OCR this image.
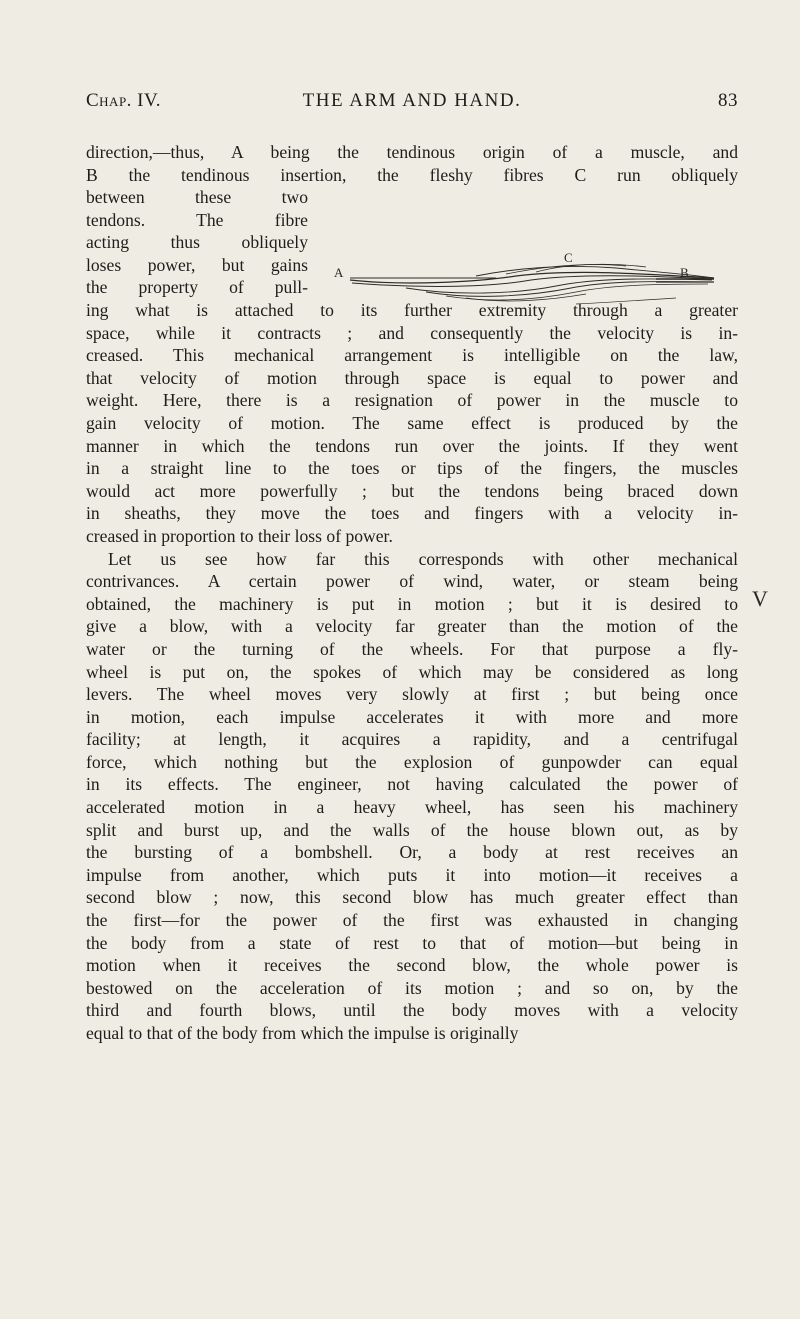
Chap. IV.	THE ARM AND HAND.	83
direction,—thus, A being the tendinous origin of a muscle, and
B the tendinous insertion, the fleshy fibres C run obliquely
between these two
tendons. The fibre
acting thus obliquely
loses power, but gains
the property of pull-
A	B
C
ing what is attached to its further extremity through a greater
space, while it contracts ; and consequently the velocity is in-
creased. This mechanical arrangement is intelligible on the law,
that velocity of motion through space is equal to power and
weight. Here, there is a resignation of power in the muscle to
gain velocity of motion. The same effect is produced by the
manner in which the tendons run over the joints. If they went
in a straight line to the toes or tips of the fingers, the muscles
would act more powerfully ; but the tendons being braced down
in sheaths, they move the toes and fingers with a velocity in-
creased in proportion to their loss of power.
Let us see how far this corresponds with other mechanical
contrivances. A certain power of wind, water, or steam being
obtained, the machinery is put in motion ; but it is desired to
give a blow, with a velocity far greater than the motion of the
water or the turning of the wheels. For that purpose a fly-
wheel is put on, the spokes of which may be considered as long
levers. The wheel moves very slowly at first ; but being once
in motion, each impulse accelerates it with more and more
facility; at length, it acquires a rapidity, and a centrifugal
force, which nothing but the explosion of gunpowder can equal
in its effects. The engineer, not having calculated the power of
accelerated motion in a heavy wheel, has seen his machinery
split and burst up, and the walls of the house blown out, as by
the bursting of a bombshell. Or, a body at rest receives an
impulse from another, which puts it into motion—it receives a
second blow ; now, this second blow has much greater effect than
the first—for the power of the first was exhausted in changing
the body from a state of rest to that of motion—but being in
motion when it receives the second blow, the whole power is
bestowed on the acceleration of its motion ; and so on, by the
third and fourth blows, until the body moves with a velocity
equal to that of the body from which the impulse is originally
V
